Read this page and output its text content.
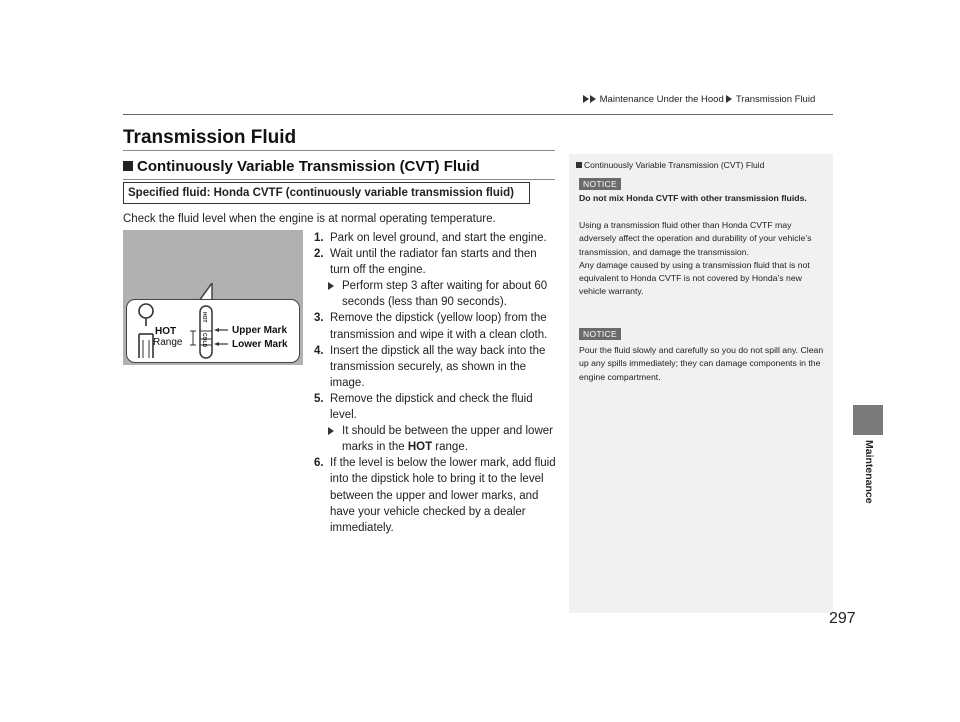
Maintenance Under the Hood Transmission Fluid
Transmission Fluid
Continuously Variable Transmission (CVT) Fluid
Specified fluid: Honda CVTF (continuously variable transmission fluid)
Check the fluid level when the engine is at normal operating temperature.
HOT
COLD
HOT
Range
Upper Mark
Lower Mark
1. Park on level ground, and start the engine.
2. Wait until the radiator fan starts and then turn off the engine.
Perform step 3 after waiting for about 60 seconds (less than 90 seconds).
3. Remove the dipstick (yellow loop) from the transmission and wipe it with a clean cloth.
4. Insert the dipstick all the way back into the transmission securely, as shown in the image.
5. Remove the dipstick and check the fluid level.
It should be between the upper and lower marks in the HOT range.
6. If the level is below the lower mark, add fluid into the dipstick hole to bring it to the level between the upper and lower marks, and have your vehicle checked by a dealer immediately.
Continuously Variable Transmission (CVT) Fluid
NOTICE
Do not mix Honda CVTF with other transmission fluids.
Using a transmission fluid other than Honda CVTF may adversely affect the operation and durability of your vehicle’s transmission, and damage the transmission.
Any damage caused by using a transmission fluid that is not equivalent to Honda CVTF is not covered by Honda’s new vehicle warranty.
NOTICE
Pour the fluid slowly and carefully so you do not spill any. Clean up any spills immediately; they can damage components in the engine compartment.
Maintenance
297
